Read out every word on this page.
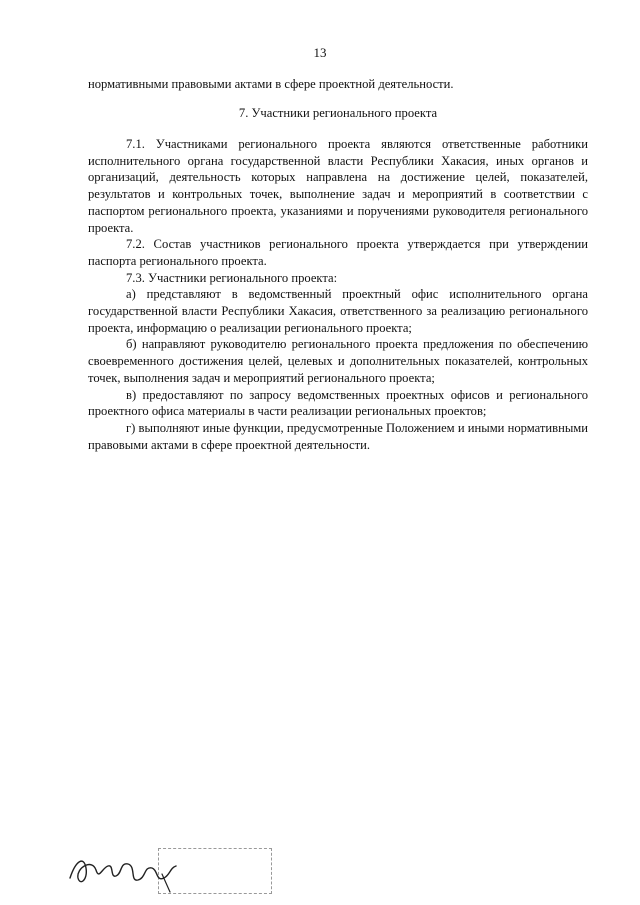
13
нормативными правовыми актами в сфере проектной деятельности.
7. Участники регионального проекта

7.1. Участниками регионального проекта являются ответственные работники исполнительного органа государственной власти Республики Хакасия, иных органов и организаций, деятельность которых направлена на достижение целей, показателей, результатов и контрольных точек, выполнение задач и мероприятий в соответствии с паспортом регионального проекта, указаниями и поручениями руководителя регионального проекта.

7.2. Состав участников регионального проекта утверждается при утверждении паспорта регионального проекта.

7.3. Участники регионального проекта:

а) представляют в ведомственный проектный офис исполнительного органа государственной власти Республики Хакасия, ответственного за реализацию регионального проекта, информацию о реализации регионального проекта;

б) направляют руководителю регионального проекта предложения по обеспечению своевременного достижения целей, целевых и дополнительных показателей, контрольных точек, выполнения задач и мероприятий регионального проекта;

в) предоставляют по запросу ведомственных проектных офисов и регионального проектного офиса материалы в части реализации региональных проектов;

г) выполняют иные функции, предусмотренные Положением и иными нормативными правовыми актами в сфере проектной деятельности.
